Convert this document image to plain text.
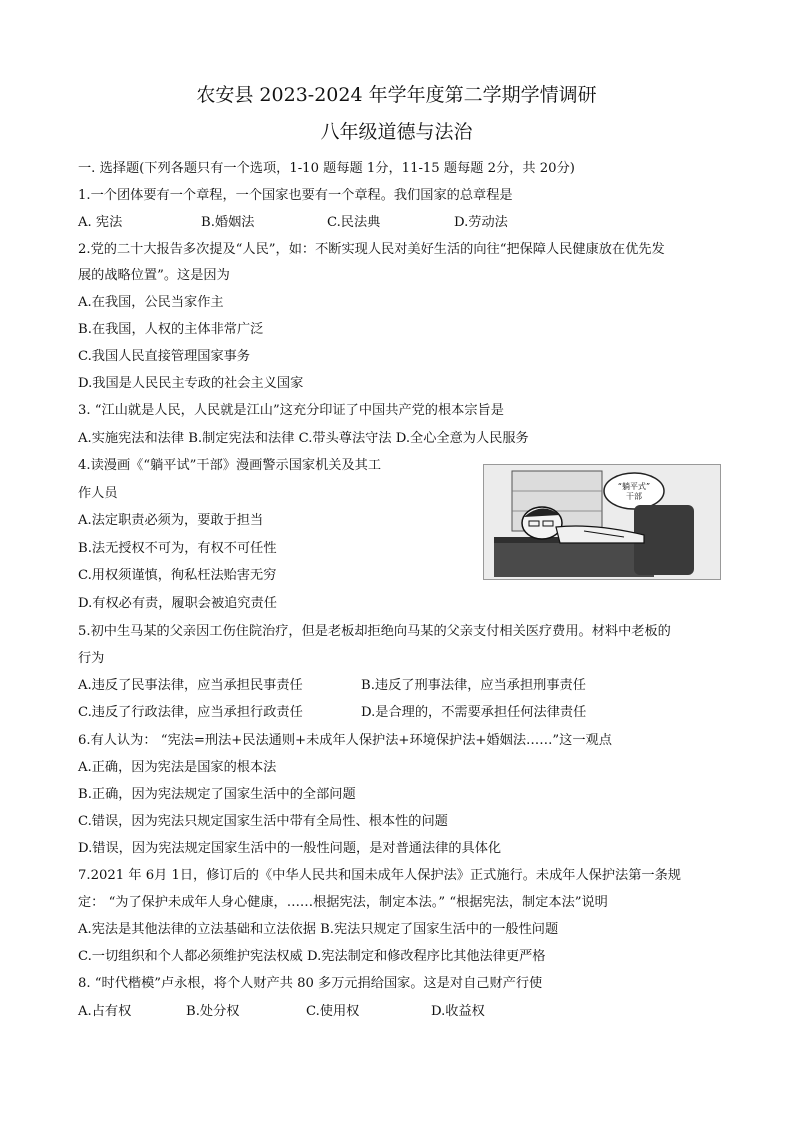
农安县 2023-2024 年学年度第二学期学情调研
八年级道德与法治
一. 选择题(下列各题只有一个选项，1-10 题每题 1分，11-15 题每题 2分，共 20分)
1.一个团体要有一个章程，一个国家也要有一个章程。我们国家的总章程是
A. 宪法	B.婚姻法	C.民法典	D.劳动法
2.党的二十大报告多次提及“人民”，如：不断实现人民对美好生活的向往“把保障人民健康放在优先发
展的战略位置”。这是因为
A.在我国，公民当家作主
B.在我国，人权的主体非常广泛
C.我国人民直接管理国家事务
D.我国是人民民主专政的社会主义国家
3. “江山就是人民，人民就是江山”这充分印证了中国共产党的根本宗旨是
A.实施宪法和法律 B.制定宪法和法律 C.带头尊法守法 D.全心全意为人民服务
4.读漫画《“躺平试”干部》漫画警示国家机关及其工
作人员
A.法定职责必须为，要敢于担当
B.法无授权不可为，有权不可任性
C.用权须谨慎，徇私枉法贻害无穷
D.有权必有责，履职会被追究责任
“躺平式”
干部
5.初中生马某的父亲因工伤住院治疗，但是老板却拒绝向马某的父亲支付相关医疗费用。材料中老板的
行为
A.违反了民事法律，应当承担民事责任	B.违反了刑事法律，应当承担刑事责任
C.违反了行政法律，应当承担行政责任	D.是合理的，不需要承担任何法律责任
6.有人认为： “宪法=刑法+民法通则+未成年人保护法+环境保护法+婚姻法……”这一观点
A.正确，因为宪法是国家的根本法
B.正确，因为宪法规定了国家生活中的全部问题
C.错误，因为宪法只规定国家生活中带有全局性、根本性的问题
D.错误，因为宪法规定国家生活中的一般性问题，是对普通法律的具体化
7.2021 年 6月 1日，修订后的《中华人民共和国未成年人保护法》正式施行。未成年人保护法第一条规
定： “为了保护未成年人身心健康，……根据宪法，制定本法。” “根据宪法，制定本法”说明
A.宪法是其他法律的立法基础和立法依据 B.宪法只规定了国家生活中的一般性问题
C.一切组织和个人都必须维护宪法权威 D.宪法制定和修改程序比其他法律更严格
8. “时代楷模”卢永根，将个人财产共 80 多万元捐给国家。这是对自己财产行使
A.占有权	B.处分权	C.使用权	D.收益权
